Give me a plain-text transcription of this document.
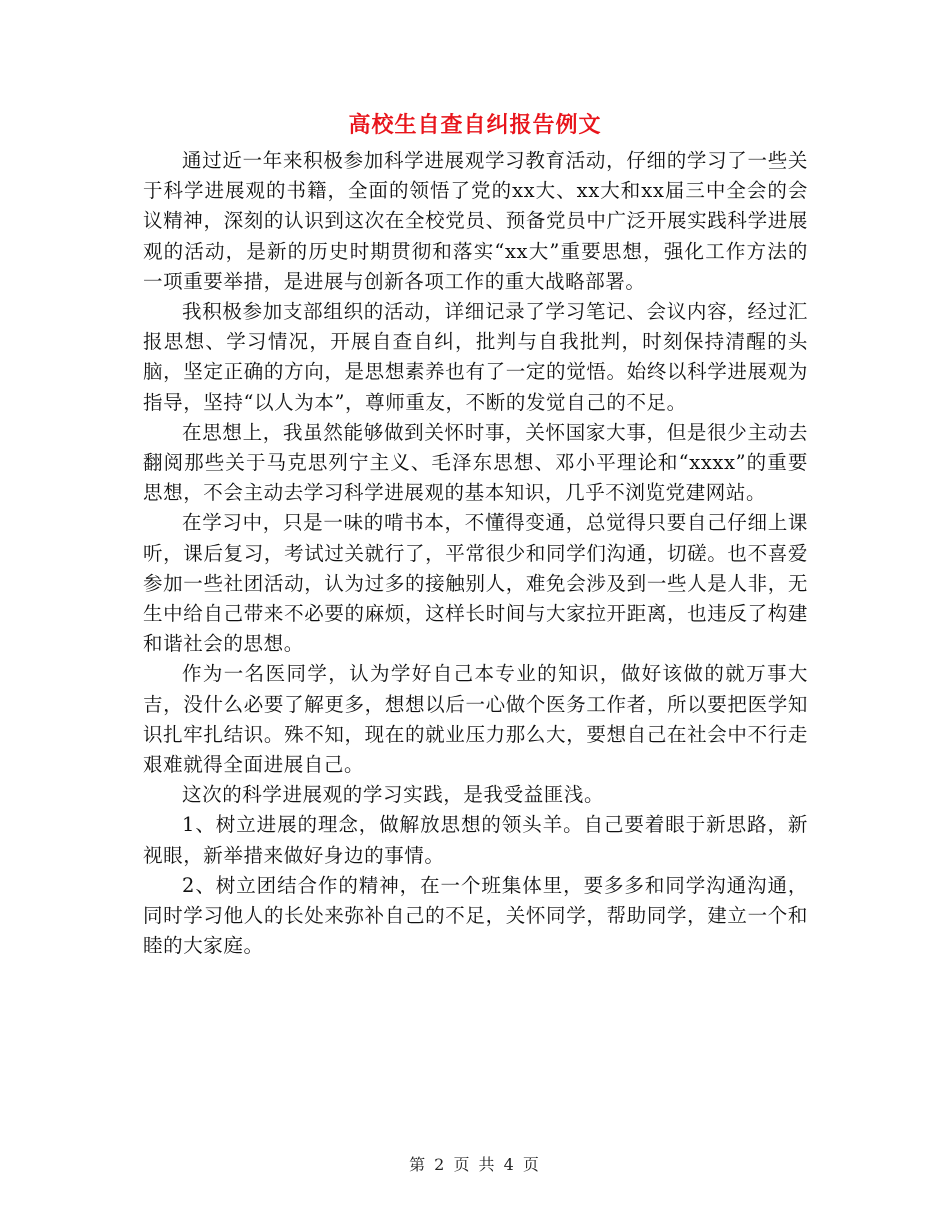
高校生自查自纠报告例文

通过近一年来积极参加科学进展观学习教育活动，仔细的学习了一些关于科学进展观的书籍，全面的领悟了党的xx大、xx大和xx届三中全会的会议精神，深刻的认识到这次在全校党员、预备党员中广泛开展实践科学进展观的活动，是新的历史时期贯彻和落实“xx大”重要思想，强化工作方法的一项重要举措，是进展与创新各项工作的重大战略部署。

我积极参加支部组织的活动，详细记录了学习笔记、会议内容，经过汇报思想、学习情况，开展自查自纠，批判与自我批判，时刻保持清醒的头脑，坚定正确的方向，是思想素养也有了一定的觉悟。始终以科学进展观为指导，坚持“以人为本”，尊师重友，不断的发觉自己的不足。

在思想上，我虽然能够做到关怀时事，关怀国家大事，但是很少主动去翻阅那些关于马克思列宁主义、毛泽东思想、邓小平理论和“xxxx”的重要思想，不会主动去学习科学进展观的基本知识，几乎不浏览党建网站。

在学习中，只是一味的啃书本，不懂得变通，总觉得只要自己仔细上课听，课后复习，考试过关就行了，平常很少和同学们沟通，切磋。也不喜爱参加一些社团活动，认为过多的接触别人，难免会涉及到一些人是人非，无生中给自己带来不必要的麻烦，这样长时间与大家拉开距离，也违反了构建和谐社会的思想。

作为一名医同学，认为学好自己本专业的知识，做好该做的就万事大吉，没什么必要了解更多，想想以后一心做个医务工作者，所以要把医学知识扎牢扎结识。殊不知，现在的就业压力那么大，要想自己在社会中不行走艰难就得全面进展自己。

这次的科学进展观的学习实践，是我受益匪浅。

1、树立进展的理念，做解放思想的领头羊。自己要着眼于新思路，新视眼，新举措来做好身边的事情。

2、树立团结合作的精神，在一个班集体里，要多多和同学沟通沟通，同时学习他人的长处来弥补自己的不足，关怀同学，帮助同学，建立一个和睦的大家庭。

第 2 页 共 4 页
